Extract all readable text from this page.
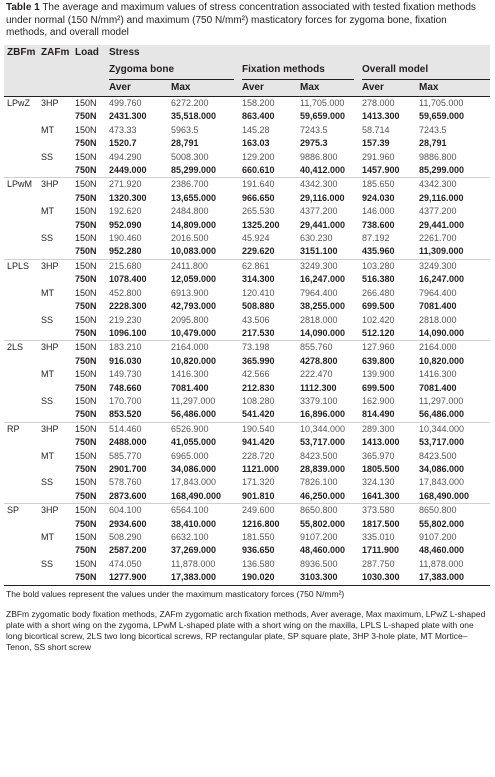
Table 1 The average and maximum values of stress concentration associated with tested fixation methods under normal (150 N/mm²) and maximum (750 N/mm²) masticatory forces for zygoma bone, fixation methods, and overall model
ZBFm	ZAFm	Load	Stress					

			Zygoma bone		Fixation methods		Overall model	

			Aver	Max	Aver	Max	Aver	Max
LPwZ	3HP	150N	499.760	6272.200	158.200	11,705.000	278.000	11,705.000
		750N	2431.300	35,518.000	863.400	59,659.000	1413.300	59,659.000
	MT	150N	473.33	5963.5	145.28	7243.5	58.714	7243.5
		750N	1520.7	28,791	163.03	2975.3	157.39	28,791
	SS	150N	494.290	5008.300	129.200	9886.800	291.960	9886.800
		750N	2449.000	85,299.000	660.610	40,412.000	1457.900	85,299.000
LPwM	3HP	150N	271.920	2386.700	191.640	4342.300	185.650	4342.300
		750N	1320.300	13,655.000	966.650	29,116.000	924.030	29,116.000
	MT	150N	192.620	2484.800	265.530	4377.200	146.000	4377.200
		750N	952.090	14,809.000	1325.200	29,441.000	738.600	29,441.000
	SS	150N	190.460	2016.500	45.924	630.230	87.192	2261.700
		750N	952.280	10,083.000	229.620	3151.100	435.960	11,309.000
LPLS	3HP	150N	215.680	2411.800	62.861	3249.300	103.280	3249.300
		750N	1078.400	12,059.000	314.300	16,247.000	516.380	16,247.000
	MT	150N	452.800	6913.900	120.410	7964.400	266.480	7964.400
		750N	2228.300	42,793.000	508.880	38,255.000	699.500	7081.400
	SS	150N	219.230	2095.800	43.506	2818.000	102.420	2818.000
		750N	1096.100	10,479.000	217.530	14,090.000	512.120	14,090.000
2LS	3HP	150N	183.210	2164.000	73.198	855.760	127.960	2164.000
		750N	916.030	10,820.000	365.990	4278.800	639.800	10,820.000
	MT	150N	149.730	1416.300	42.566	222.470	139.900	1416.300
		750N	748.660	7081.400	212.830	1112.300	699.500	7081.400
	SS	150N	170.700	11,297.000	108.280	3379.100	162.900	11,297.000
		750N	853.520	56,486.000	541.420	16,896.000	814.490	56,486.000
RP	3HP	150N	514.460	6526.900	190.540	10,344.000	289.300	10,344.000
		750N	2488.000	41,055.000	941.420	53,717.000	1413.000	53,717.000
	MT	150N	585.770	6965.000	228.720	8423.500	365.970	8423.500
		750N	2901.700	34,086.000	1121.000	28,839.000	1805.500	34,086.000
	SS	150N	578.760	17,843.000	171.320	7826.100	324.130	17,843.000
		750N	2873.600	168,490.000	901.810	46,250.000	1641.300	168,490.000
SP	3HP	150N	604.100	6564.100	249.600	8650.800	373.580	8650.800
		750N	2934.600	38,410.000	1216.800	55,802.000	1817.500	55,802.000
	MT	150N	508.290	6632.100	181.550	9107.200	335.010	9107.200
		750N	2587.200	37,269.000	936.650	48,460.000	1711.900	48,460.000
	SS	150N	474.050	11,878.000	136.580	8936.500	287.750	11,878.000
		750N	1277.900	17,383.000	190.020	3103.300	1030.300	17,383.000
The bold values represent the values under the maximum masticatory forces (750 N/mm²)
ZBFm zygomatic body fixation methods, ZAFm zygomatic arch fixation methods, Aver average, Max maximum, LPwZ L-shaped plate with a short wing on the zygoma, LPwM L-shaped plate with a short wing on the maxilla, LPLS L-shaped plate with one long bicortical screw, 2LS two long bicortical screws, RP rectangular plate, SP square plate, 3HP 3-hole plate, MT Mortice–Tenon, SS short screw
